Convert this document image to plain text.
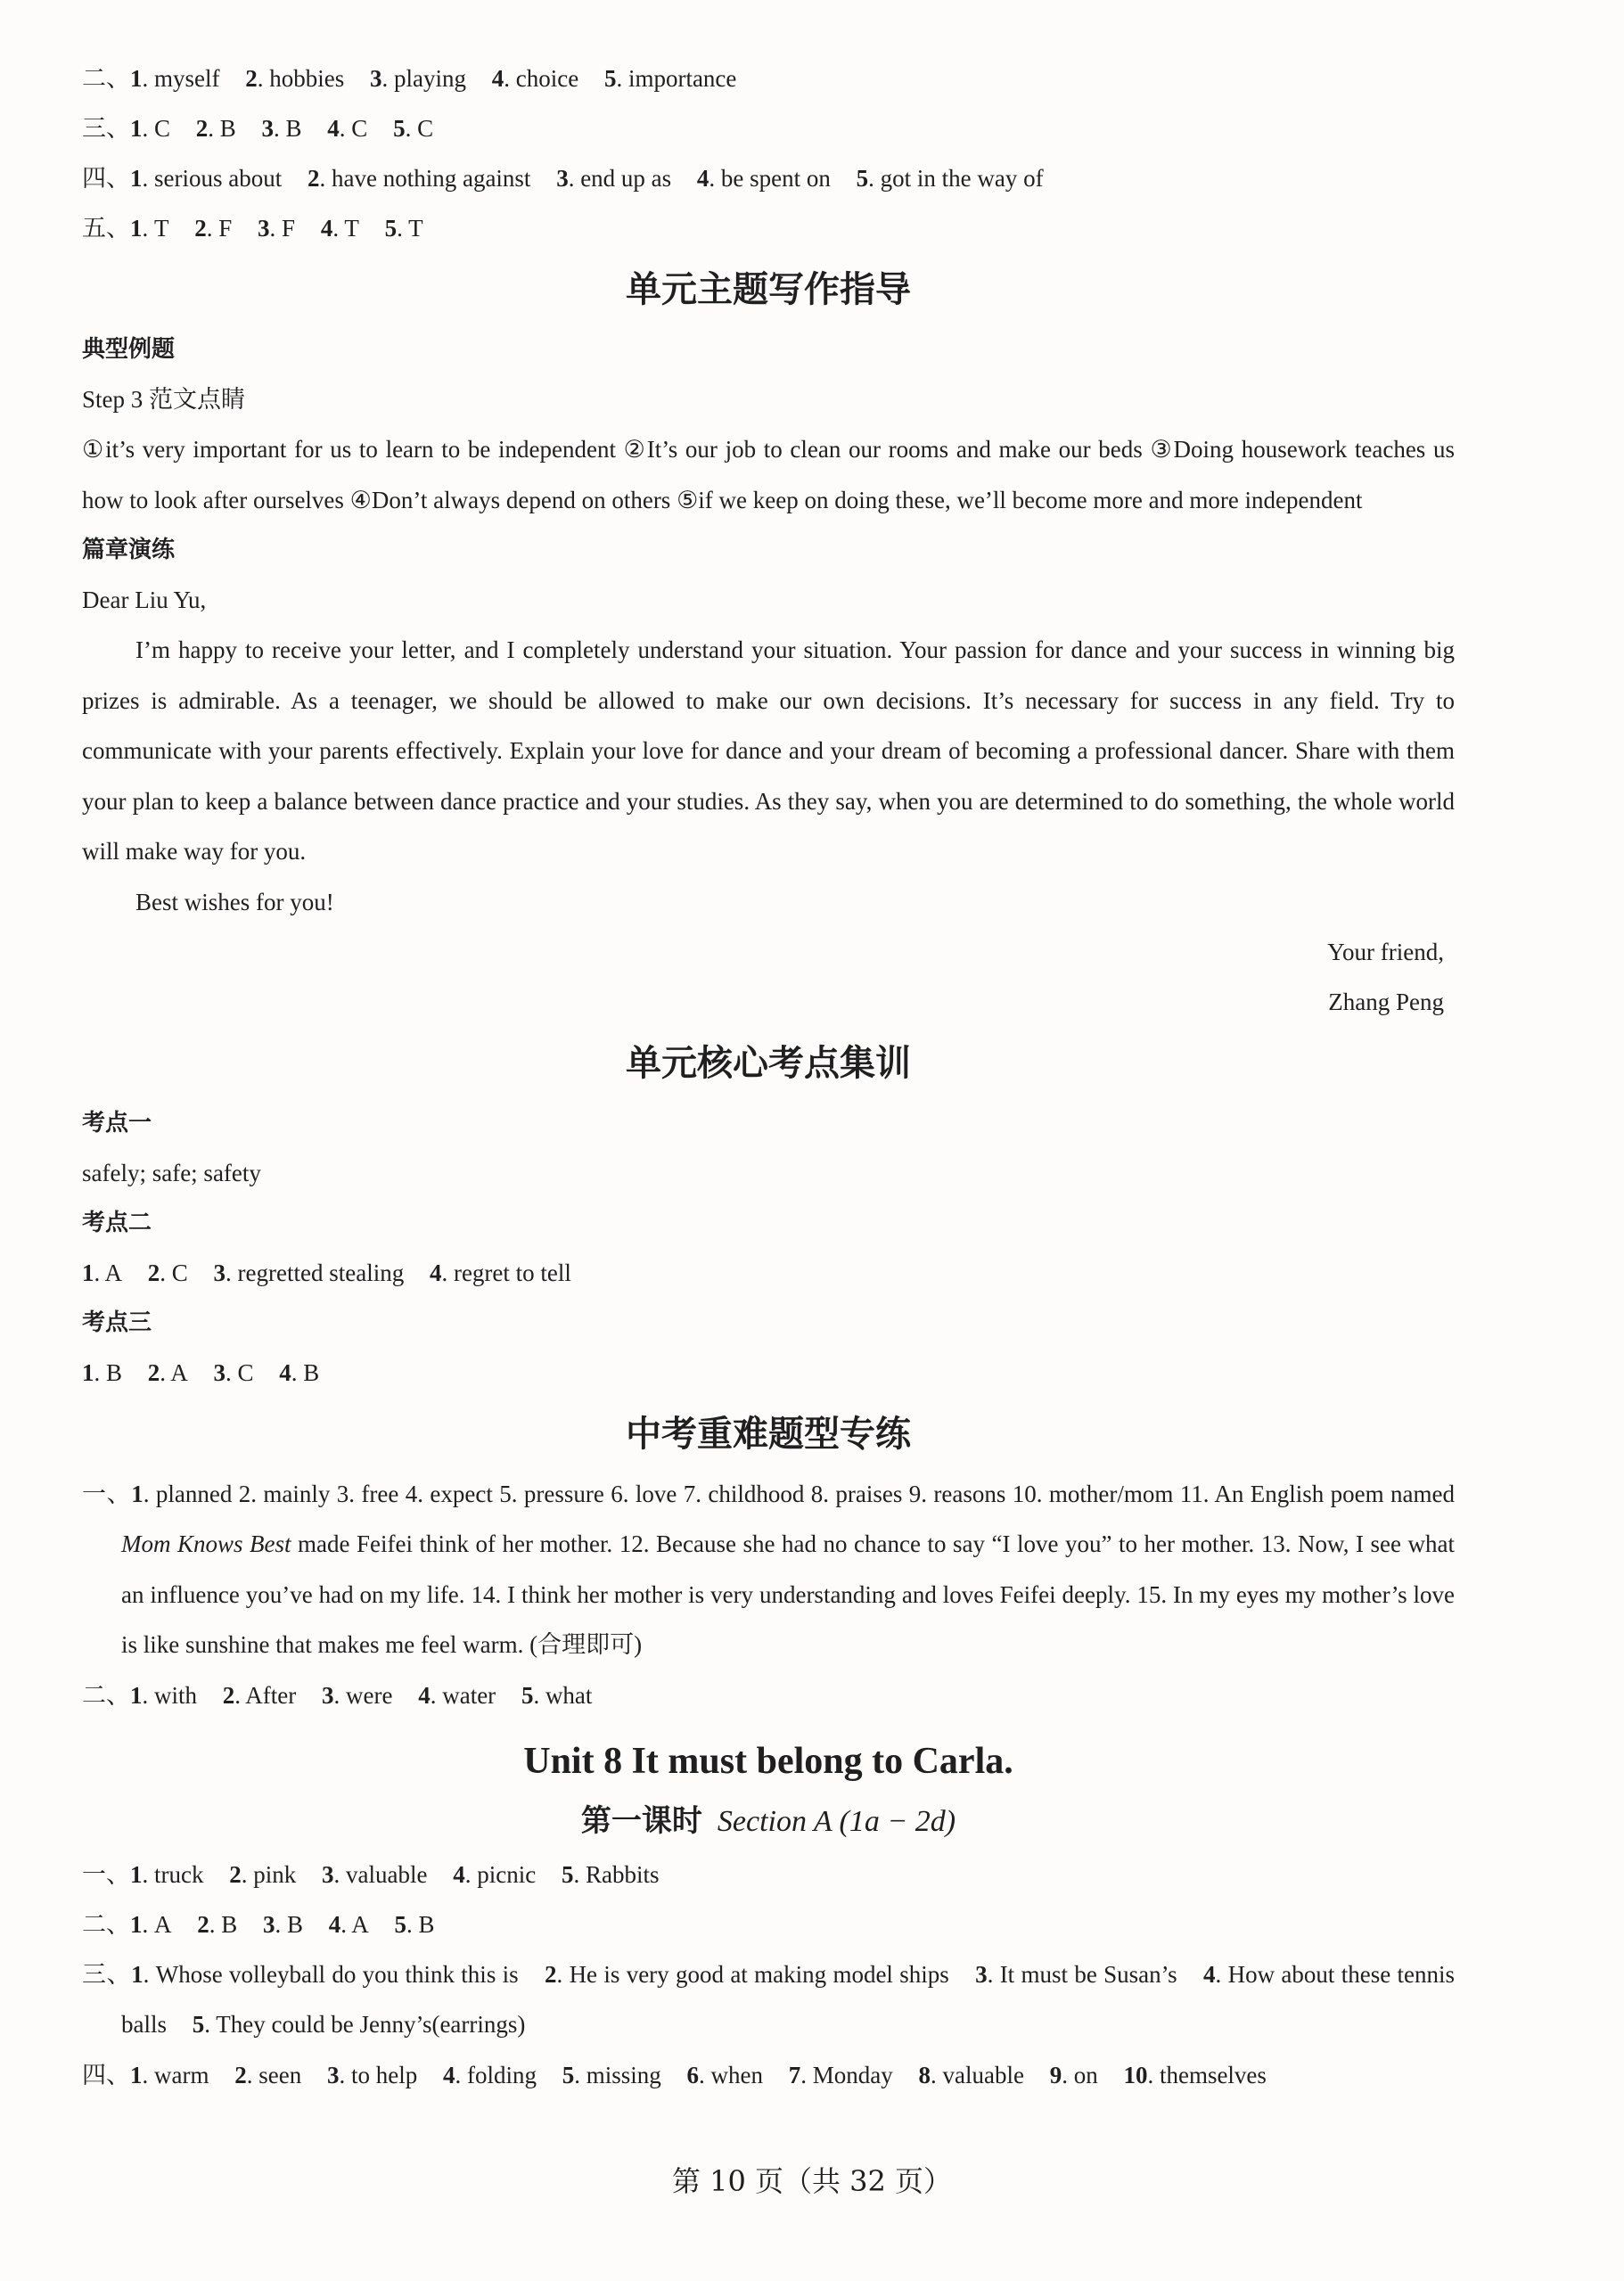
二、1. myself 2. hobbies 3. playing 4. choice 5. importance
三、1. C 2. B 3. B 4. C 5. C
四、1. serious about 2. have nothing against 3. end up as 4. be spent on 5. got in the way of
五、1. T 2. F 3. F 4. T 5. T
单元主题写作指导
典型例题
Step 3 范文点睛
①it’s very important for us to learn to be independent ②It’s our job to clean our rooms and make our beds ③Doing housework teaches us how to look after ourselves ④Don’t always depend on others ⑤if we keep on doing these, we’ll become more and more independent
篇章演练
Dear Liu Yu,
I’m happy to receive your letter, and I completely understand your situation. Your passion for dance and your success in winning big prizes is admirable. As a teenager, we should be allowed to make our own decisions. It’s necessary for success in any field. Try to communicate with your parents effectively. Explain your love for dance and your dream of becoming a professional dancer. Share with them your plan to keep a balance between dance practice and your studies. As they say, when you are determined to do something, the whole world will make way for you.
Best wishes for you!
Your friend,
Zhang Peng
单元核心考点集训
考点一
safely; safe; safety
考点二
1. A 2. C 3. regretted stealing 4. regret to tell
考点三
1. B 2. A 3. C 4. B
中考重难题型专练
一、1. planned 2. mainly 3. free 4. expect 5. pressure 6. love 7. childhood 8. praises 9. reasons 10. mother/mom 11. An English poem named Mom Knows Best made Feifei think of her mother. 12. Because she had no chance to say “I love you” to her mother. 13. Now, I see what an influence you’ve had on my life. 14. I think her mother is very understanding and loves Feifei deeply. 15. In my eyes my mother’s love is like sunshine that makes me feel warm. (合理即可)
二、1. with 2. After 3. were 4. water 5. what
Unit 8 It must belong to Carla.
第一课时 Section A (1a − 2d)
一、1. truck 2. pink 3. valuable 4. picnic 5. Rabbits
二、1. A 2. B 3. B 4. A 5. B
三、1. Whose volleyball do you think this is 2. He is very good at making model ships 3. It must be Susan’s 4. How about these tennis balls 5. They could be Jenny’s(earrings)
四、1. warm 2. seen 3. to help 4. folding 5. missing 6. when 7. Monday 8. valuable 9. on 10. themselves
第 10 页（共 32 页）
